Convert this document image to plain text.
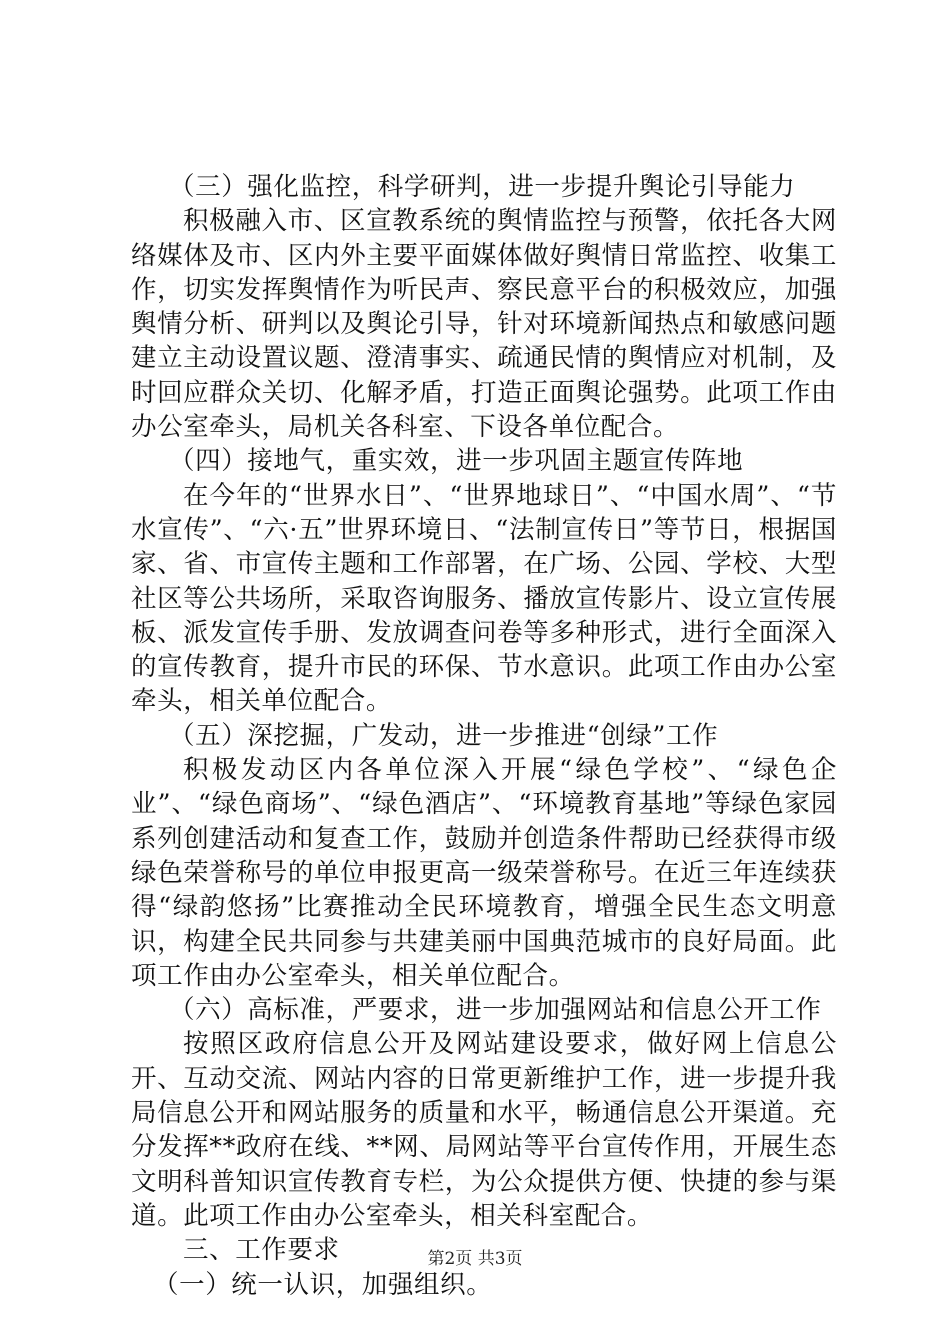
（三）强化监控，科学研判，进一步提升舆论引导能力

积极融入市、区宣教系统的舆情监控与预警，依托各大网络媒体及市、区内外主要平面媒体做好舆情日常监控、收集工作，切实发挥舆情作为听民声、察民意平台的积极效应，加强舆情分析、研判以及舆论引导，针对环境新闻热点和敏感问题建立主动设置议题、澄清事实、疏通民情的舆情应对机制，及时回应群众关切、化解矛盾，打造正面舆论强势。此项工作由办公室牵头，局机关各科室、下设各单位配合。

（四）接地气，重实效，进一步巩固主题宣传阵地

在今年的“世界水日”、“世界地球日”、“中国水周”、“节水宣传”、“六·五”世界环境日、“法制宣传日”等节日，根据国家、省、市宣传主题和工作部署，在广场、公园、学校、大型社区等公共场所，采取咨询服务、播放宣传影片、设立宣传展板、派发宣传手册、发放调查问卷等多种形式，进行全面深入的宣传教育，提升市民的环保、节水意识。此项工作由办公室牵头，相关单位配合。

（五）深挖掘，广发动，进一步推进“创绿”工作

积极发动区内各单位深入开展“绿色学校”、“绿色企业”、“绿色商场”、“绿色酒店”、“环境教育基地”等绿色家园系列创建活动和复查工作，鼓励并创造条件帮助已经获得市级绿色荣誉称号的单位申报更高一级荣誉称号。在近三年连续获得“绿韵悠扬”比赛推动全民环境教育，增强全民生态文明意识，构建全民共同参与共建美丽中国典范城市的良好局面。此项工作由办公室牵头，相关单位配合。

（六）高标准，严要求，进一步加强网站和信息公开工作

按照区政府信息公开及网站建设要求，做好网上信息公开、互动交流、网站内容的日常更新维护工作，进一步提升我局信息公开和网站服务的质量和水平，畅通信息公开渠道。充分发挥**政府在线、**网、局网站等平台宣传作用，开展生态文明科普知识宣传教育专栏，为公众提供方便、快捷的参与渠道。此项工作由办公室牵头，相关科室配合。

三、工作要求

（一）统一认识，加强组织。

第2页 共3页
